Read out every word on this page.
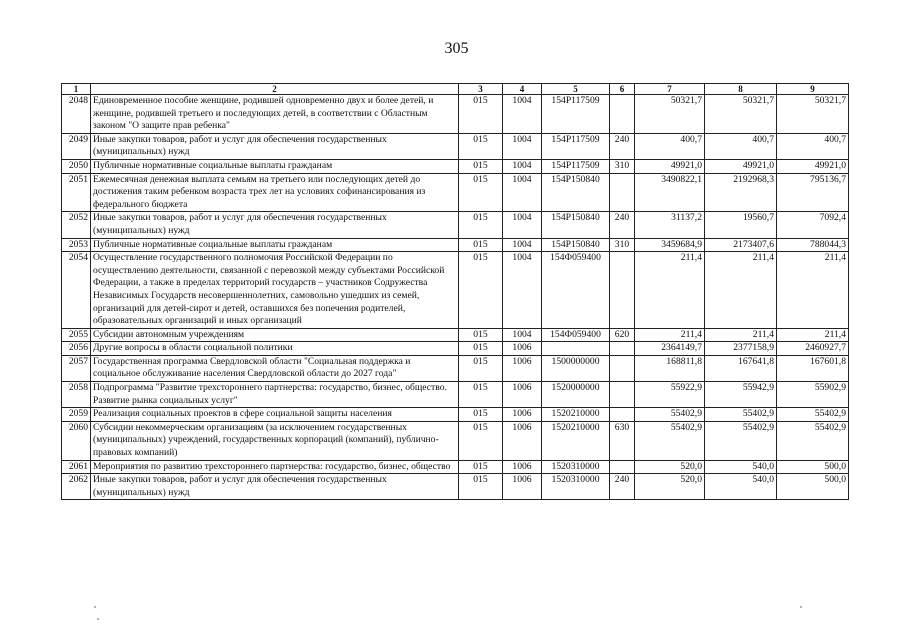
305
1	2	3	4	5	6	7	8	9
2048	Единовременное пособие женщине, родившей одновременно двух и более детей, и женщине, родившей третьего и последующих детей, в соответствии с Областным законом "О защите прав ребенка"	015	1004	154P117509		50321,7	50321,7	50321,7
2049	Иные закупки товаров, работ и услуг для обеспечения государственных (муниципальных) нужд	015	1004	154P117509	240	400,7	400,7	400,7
2050	Публичные нормативные социальные выплаты гражданам	015	1004	154P117509	310	49921,0	49921,0	49921,0
2051	Ежемесячная денежная выплата семьям на третьего или последующих детей до достижения таким ребенком возраста трех лет на условиях софинансирования из федерального бюджета	015	1004	154P150840		3490822,1	2192968,3	795136,7
2052	Иные закупки товаров, работ и услуг для обеспечения государственных (муниципальных) нужд	015	1004	154P150840	240	31137,2	19560,7	7092,4
2053	Публичные нормативные социальные выплаты гражданам	015	1004	154P150840	310	3459684,9	2173407,6	788044,3
2054	Осуществление государственного полномочия Российской Федерации по осуществлению деятельности, связанной с перевозкой между субъектами Российской Федерации, а также в пределах территорий государств – участников Содружества Независимых Государств несовершеннолетних, самовольно ушедших из семей, организаций для детей-сирот и детей, оставшихся без попечения родителей, образовательных организаций и иных организаций	015	1004	154Ф059400		211,4	211,4	211,4
2055	Субсидии автономным учреждениям	015	1004	154Ф059400	620	211,4	211,4	211,4
2056	Другие вопросы в области социальной политики	015	1006			2364149,7	2377158,9	2460927,7
2057	Государственная программа Свердловской области "Социальная поддержка и социальное обслуживание населения Свердловской области до 2027 года"	015	1006	1500000000		168811,8	167641,8	167601,8
2058	Подпрограмма "Развитие трехстороннего партнерства: государство, бизнес, общество. Развитие рынка социальных услуг"	015	1006	1520000000		55922,9	55942,9	55902,9
2059	Реализация социальных проектов в сфере социальной защиты населения	015	1006	1520210000		55402,9	55402,9	55402,9
2060	Субсидии некоммерческим организациям (за исключением государственных (муниципальных) учреждений, государственных корпораций (компаний), публично-правовых компаний)	015	1006	1520210000	630	55402,9	55402,9	55402,9
2061	Мероприятия по развитию трехстороннего партнерства: государство, бизнес, общество	015	1006	1520310000		520,0	540,0	500,0
2062	Иные закупки товаров, работ и услуг для обеспечения государственных (муниципальных) нужд	015	1006	1520310000	240	520,0	540,0	500,0
